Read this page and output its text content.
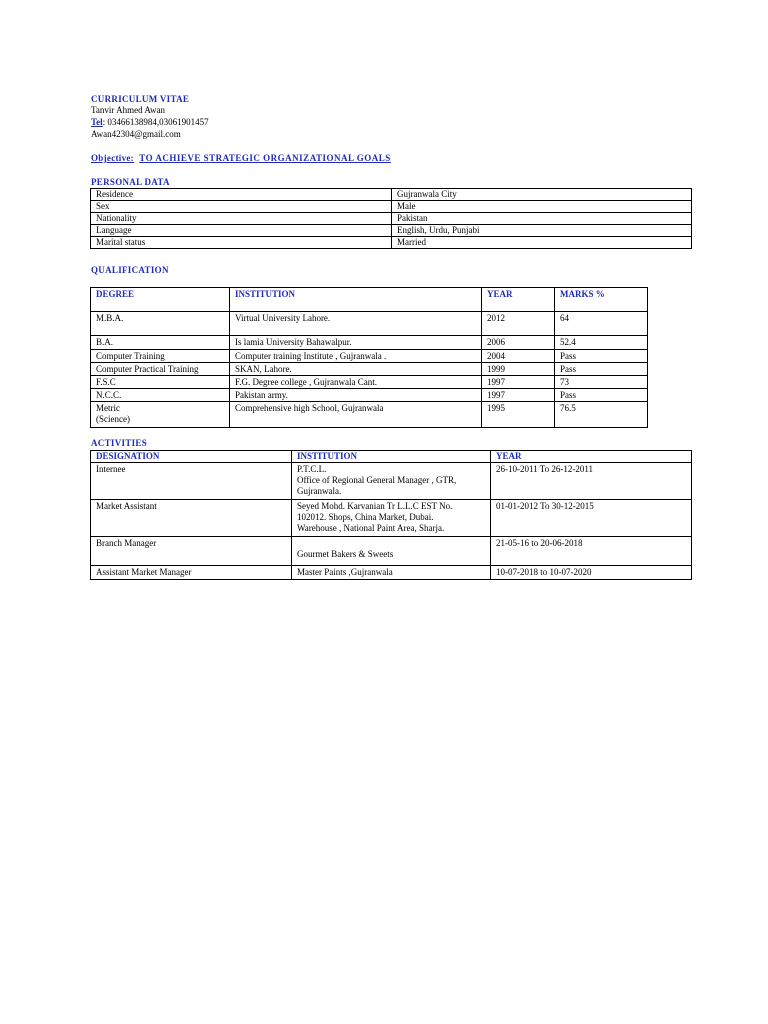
CURRICULUM VITAE
Tanvir Ahmed Awan
Tel: 03466138984,03061901457
Awan42304@gmail.com
Objective: TO ACHIEVE STRATEGIC ORGANIZATIONAL GOALS
PERSONAL DATA
Residence	Gujranwala City
Sex	Male
Nationality	Pakistan
Language	English, Urdu, Punjabi
Marital status	Married
QUALIFICATION
DEGREE	INSTITUTION	YEAR	MARKS %
M.B.A.	Virtual University Lahore.	2012	64
B.A.	Is lamia University Bahawalpur.	2006	52.4
Computer Training	Computer training Institute , Gujranwala .	2004	Pass
Computer Practical Training	SKAN, Lahore.	1999	Pass
F.S.C	F.G. Degree college , Gujranwala Cant.	1997	73
N.C.C.	Pakistan army.	1997	Pass
Metric
(Science)	Comprehensive high School, Gujranwala	1995	76.5
ACTIVITIES
DESIGNATION	INSTITUTION	YEAR
Internee	P.T.C.L.
Office of Regional General Manager , GTR,
Gujranwala.	26-10-2011 To 26-12-2011
Market Assistant	Seyed Mohd. Karvanian Tr L.L.C EST No.
102012. Shops, China Market, Dubai.
Warehouse , National Paint Area, Sharja.	01-01-2012 To 30-12-2015
Branch Manager	Gourmet Bakers & Sweets	21-05-16 to 20-06-2018
Assistant Market Manager	Master Paints ,Gujranwala	10-07-2018 to 10-07-2020
